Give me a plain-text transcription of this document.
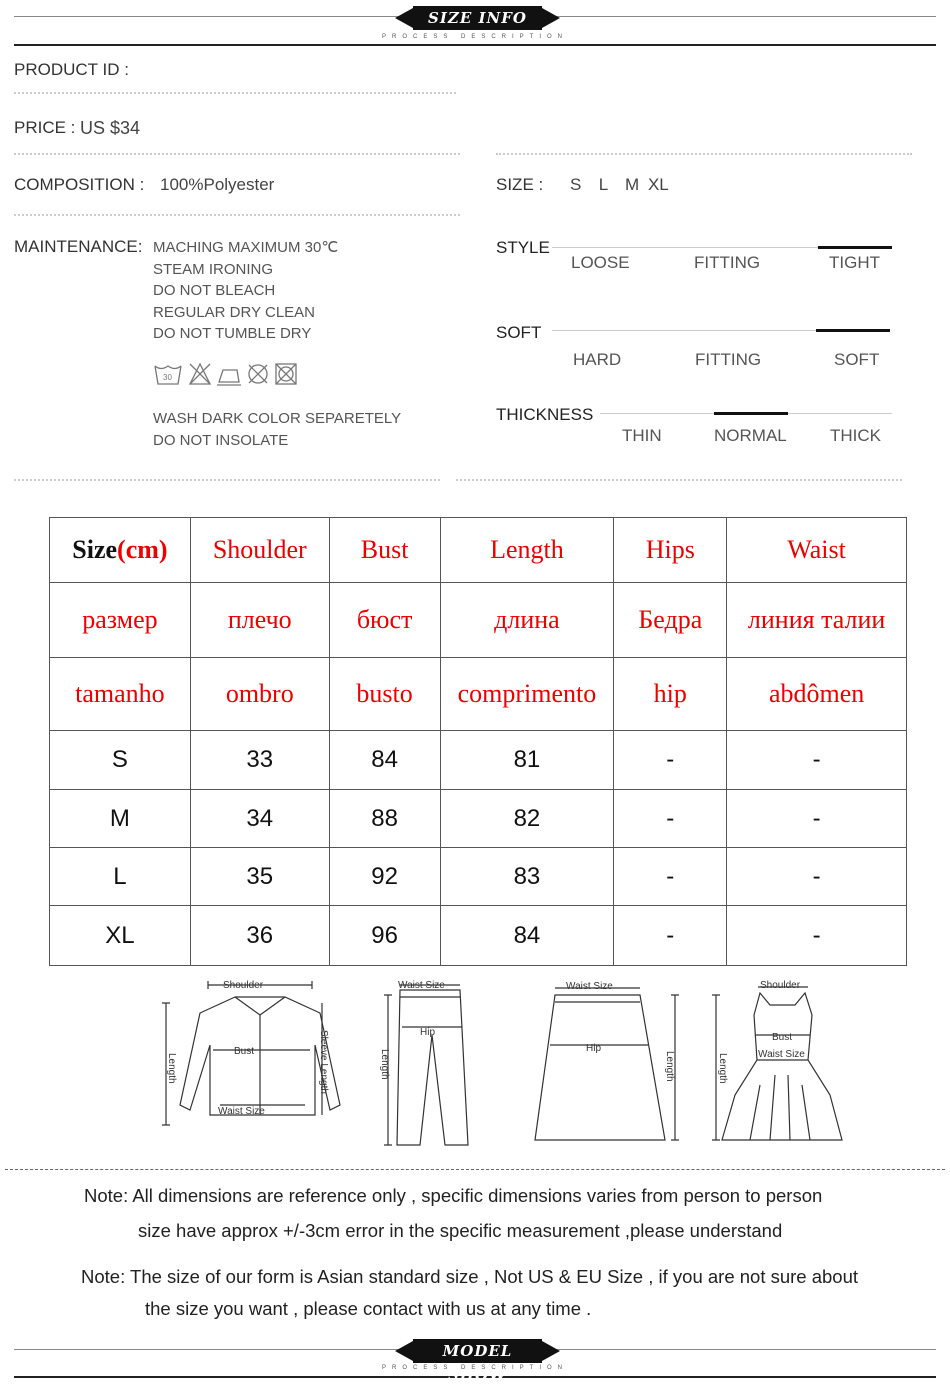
SIZE INFO
PROCESS DESCRIPTION
PRODUCT ID :
PRICE : US $34
COMPOSITION : 100%Polyester
MAINTENANCE: MACHING MAXIMUM 30℃
STEAM IRONING
DO NOT BLEACH
REGULAR DRY CLEAN
DO NOT TUMBLE DRY
30
WASH DARK COLOR SEPARETELY
DO NOT INSOLATE
SIZE : S  L  M XL
STYLE
LOOSE	FITTING	TIGHT
SOFT
HARD	FITTING	SOFT
THICKNESS
THIN	NORMAL	THICK
Size(cm)	Shoulder	Bust	Length	Hips	Waist
размер	плечо	бюст	длина	Бедра	линия талии
tamanho	ombro	busto	comprimento	hip	abdômen
S	33	84	81	-	-
M	34	88	82	-	-
L	35	92	83	-	-
XL	36	96	84	-	-
Shoulder
Bust
Waist Size
Sleeve Length
Length
Waist Size
Hip
Length
Waist Size
Hip
Length
Shoulder
Bust
Waist Size
Length
Note: All dimensions are reference only , specific dimensions varies from person to person
size have approx +/-3cm error in the specific measurement ,please understand
Note: The size of our form is Asian standard size , Not US & EU Size , if you are not sure about
the size you want , please contact with us at any time .
MODEL SHOW
PROCESS DESCRIPTION
